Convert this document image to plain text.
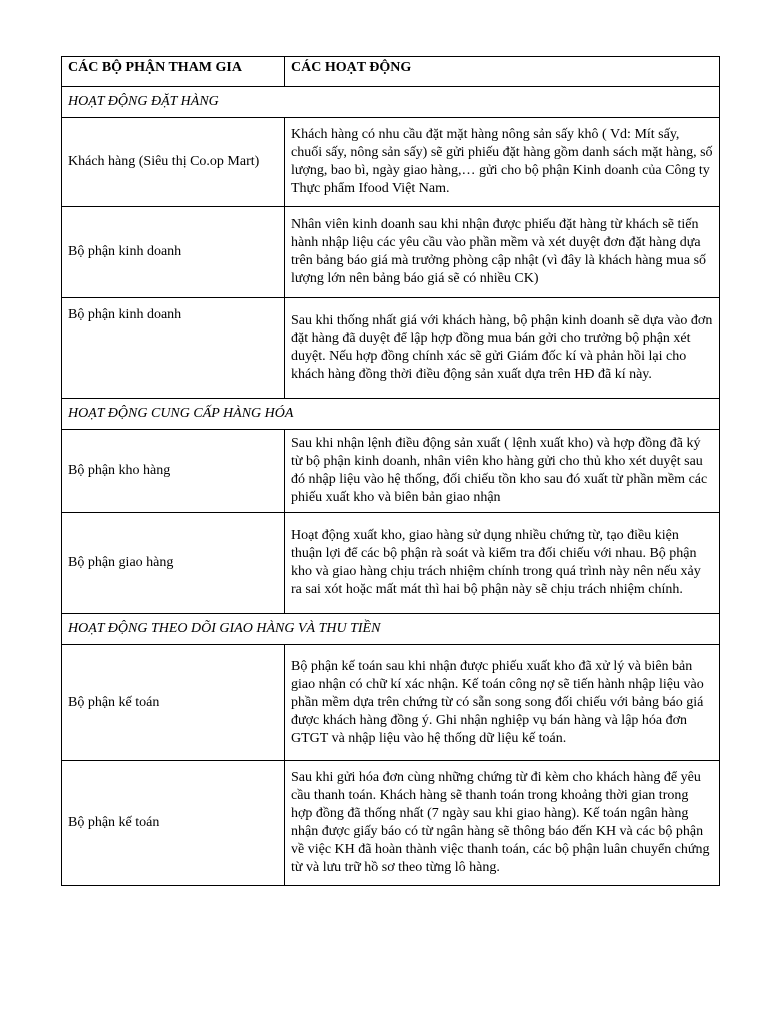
CÁC BỘ PHẬN THAM GIA	CÁC HOẠT ĐỘNG
HOẠT ĐỘNG ĐẶT HÀNG	
Khách hàng (Siêu thị Co.op Mart)	Khách hàng có nhu cầu đặt mặt hàng nông sản sấy khô ( Vd: Mít sấy, chuối sấy, nông sản sấy) sẽ gửi phiếu đặt hàng gồm danh sách mặt hàng, số lượng, bao bì, ngày giao hàng,… gửi cho bộ phận Kinh doanh của Công ty Thực phẩm Ifood Việt Nam.
Bộ phận kinh doanh	Nhân viên kinh doanh sau khi nhận được phiếu đặt hàng từ khách sẽ tiến hành nhập liệu các yêu cầu vào phần mềm và xét duyệt đơn đặt hàng dựa trên bảng báo giá mà trưởng phòng cập nhật (vì đây là khách hàng mua số lượng lớn nên bảng báo giá sẽ có nhiều CK)
Bộ phận kinh doanh	Sau khi thống nhất giá với khách hàng, bộ phận kinh doanh sẽ dựa vào đơn đặt hàng đã duyệt để lập hợp đồng mua bán gởi cho trưởng bộ phận xét duyệt. Nếu hợp đồng chính xác sẽ gửi Giám đốc kí và phản hồi lại cho khách hàng đồng thời điều động sản xuất dựa trên HĐ đã kí này.
HOẠT ĐỘNG CUNG CẤP HÀNG HÓA	
Bộ phận kho hàng	Sau khi nhận lệnh điều động sản xuất ( lệnh xuất kho) và hợp đồng đã ký từ bộ phận kinh doanh, nhân viên kho hàng gửi cho thủ kho xét duyệt sau đó nhập liệu vào hệ thống, đối chiếu tồn kho sau đó xuất từ phần mềm các phiếu xuất kho và biên bản giao nhận
Bộ phận giao hàng	Hoạt động xuất kho, giao hàng sử dụng nhiều chứng từ, tạo điều kiện thuận lợi để các bộ phận rà soát và kiểm tra đối chiếu với nhau. Bộ phận kho và giao hàng chịu trách nhiệm chính trong quá trình này nên nếu xảy ra sai xót hoặc mất mát thì hai bộ phận này sẽ chịu trách nhiệm chính.
HOẠT ĐỘNG THEO DÕI GIAO HÀNG VÀ THU TIỀN	
Bộ phận kế toán	Bộ phận kế toán sau khi nhận được phiếu xuất kho đã xử lý và biên bản giao nhận có chữ kí xác nhận. Kế toán công nợ sẽ tiến hành nhập liệu vào phần mềm dựa trên chứng từ có sẵn song song đối chiếu với bảng báo giá được khách hàng đồng ý. Ghi nhận nghiệp vụ bán hàng và lập hóa đơn GTGT và nhập liệu vào hệ thống dữ liệu kế toán.
Bộ phận kế toán	Sau khi gửi hóa đơn cùng những chứng từ đi kèm cho khách hàng để yêu cầu thanh toán. Khách hàng sẽ thanh toán trong khoảng thời gian trong hợp đồng đã thống nhất (7 ngày sau khi giao hàng). Kế toán ngân hàng nhận được giấy báo có từ ngân hàng sẽ thông báo đến KH và các bộ phận về việc KH đã hoàn thành việc thanh toán, các bộ phận luân chuyển chứng từ và lưu trữ hồ sơ theo từng lô hàng.
